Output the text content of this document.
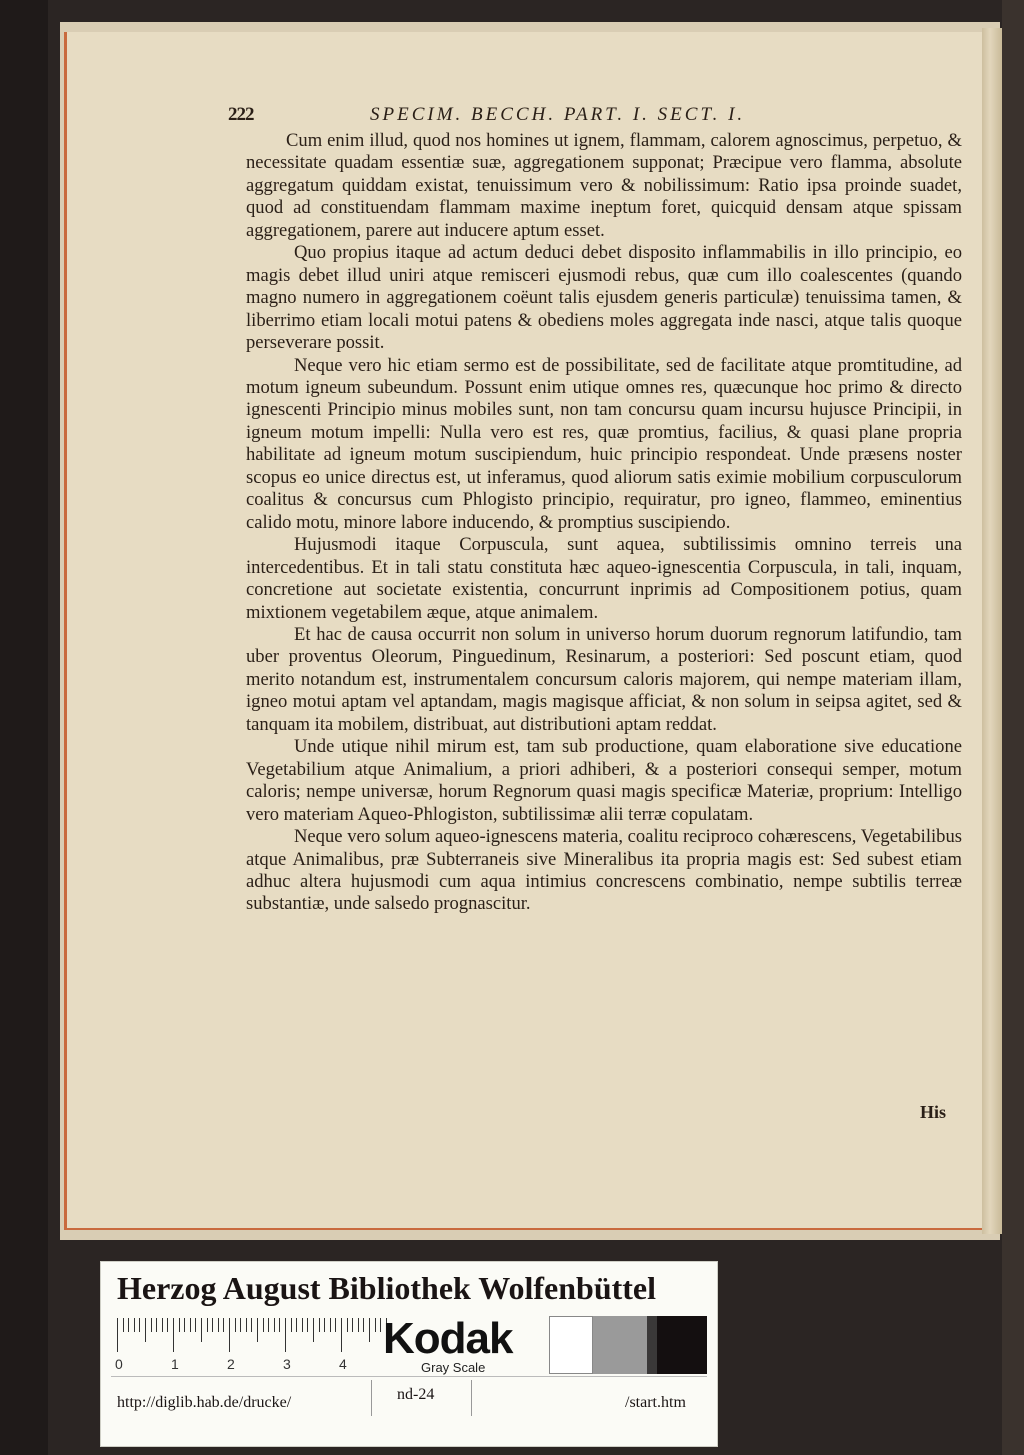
222	SPECIM. BECCH. PART. I. SECT. I.

Cum enim illud, quod nos homines ut ignem, flammam, calorem agnoscimus, perpetuo, & necessitate quadam essentiæ suæ, aggregationem supponat; Præcipue vero flamma, absolute aggregatum quiddam existat, tenuissimum vero & nobilissimum: Ratio ipsa proinde suadet, quod ad constituendam flammam maxime ineptum foret, quicquid densam atque spissam aggregationem, parere aut inducere aptum esset.

Quo propius itaque ad actum deduci debet disposito inflammabilis in illo principio, eo magis debet illud uniri atque remisceri ejusmodi rebus, quæ cum illo coalescentes (quando magno numero in aggregationem coëunt talis ejusdem generis particulæ) tenuissima tamen, & liberrimo etiam locali motui patens & obediens moles aggregata inde nasci, atque talis quoque perseverare possit.

Neque vero hic etiam sermo est de possibilitate, sed de facilitate atque promtitudine, ad motum igneum subeundum. Possunt enim utique omnes res, quæcunque hoc primo & directo ignescenti Principio minus mobiles sunt, non tam concursu quam incursu hujusce Principii, in igneum motum impelli: Nulla vero est res, quæ promtius, facilius, & quasi plane propria habilitate ad igneum motum suscipiendum, huic principio respondeat. Unde præsens noster scopus eo unice directus est, ut inferamus, quod aliorum satis eximie mobilium corpusculorum coalitus & concursus cum Phlogisto principio, requiratur, pro igneo, flammeo, eminentius calido motu, minore labore inducendo, & promptius suscipiendo.

Hujusmodi itaque Corpuscula, sunt aquea, subtilissimis omnino terreis una intercedentibus. Et in tali statu constituta hæc aqueo-ignescentia Corpuscula, in tali, inquam, concretione aut societate existentia, concurrunt inprimis ad Compositionem potius, quam mixtionem vegetabilem æque, atque animalem.

Et hac de causa occurrit non solum in universo horum duorum regnorum latifundio, tam uber proventus Oleorum, Pinguedinum, Resinarum, a posteriori: Sed poscunt etiam, quod merito notandum est, instrumentalem concursum caloris majorem, qui nempe materiam illam, igneo motui aptam vel aptandam, magis magisque afficiat, & non solum in seipsa agitet, sed & tanquam ita mobilem, distribuat, aut distributioni aptam reddat.

Unde utique nihil mirum est, tam sub productione, quam elaboratione sive educatione Vegetabilium atque Animalium, a priori adhiberi, & a posteriori consequi semper, motum caloris; nempe universæ, horum Regnorum quasi magis specificæ Materiæ, proprium: Intelligo vero materiam Aqueo-Phlogiston, subtilissimæ alii terræ copulatam.

Neque vero solum aqueo-ignescens materia, coalitu reciproco cohærescens, Vegetabilibus atque Animalibus, præ Subterraneis sive Mineralibus ita propria magis est: Sed subest etiam adhuc altera hujusmodi cum aqua intimius concrescens combinatio, nempe subtilis terreæ substantiæ, unde salsedo prognascitur.

His
Herzog August Bibliothek Wolfenbüttel
0	1	2	3	4
Kodak
Gray Scale
http://diglib.hab.de/drucke/	nd-24	/start.htm
